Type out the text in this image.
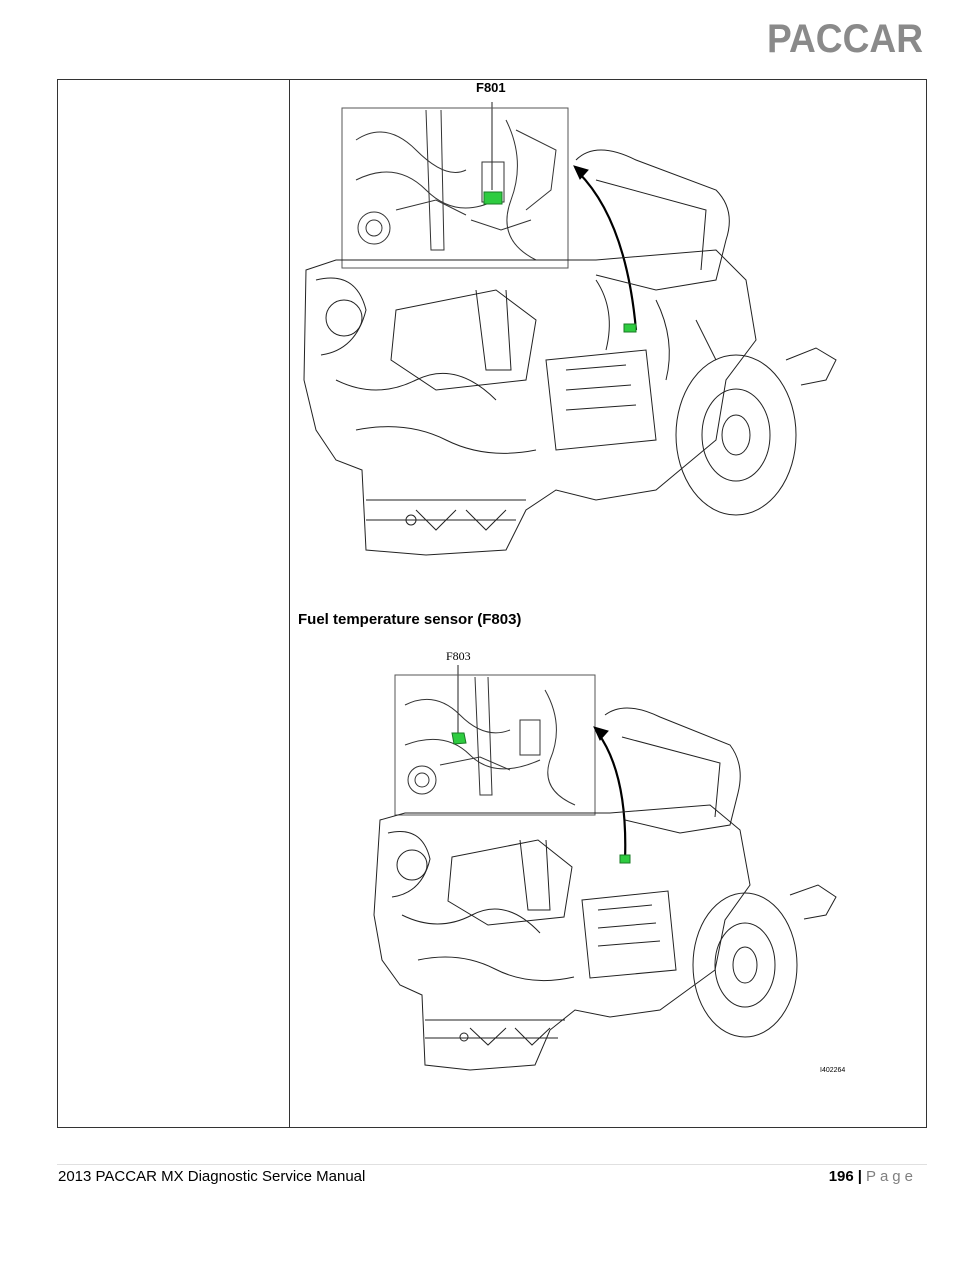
PACCAR
F801
Fuel temperature sensor (F803)
F803
I402264
2013 PACCAR MX Diagnostic Service Manual	196 | Page
